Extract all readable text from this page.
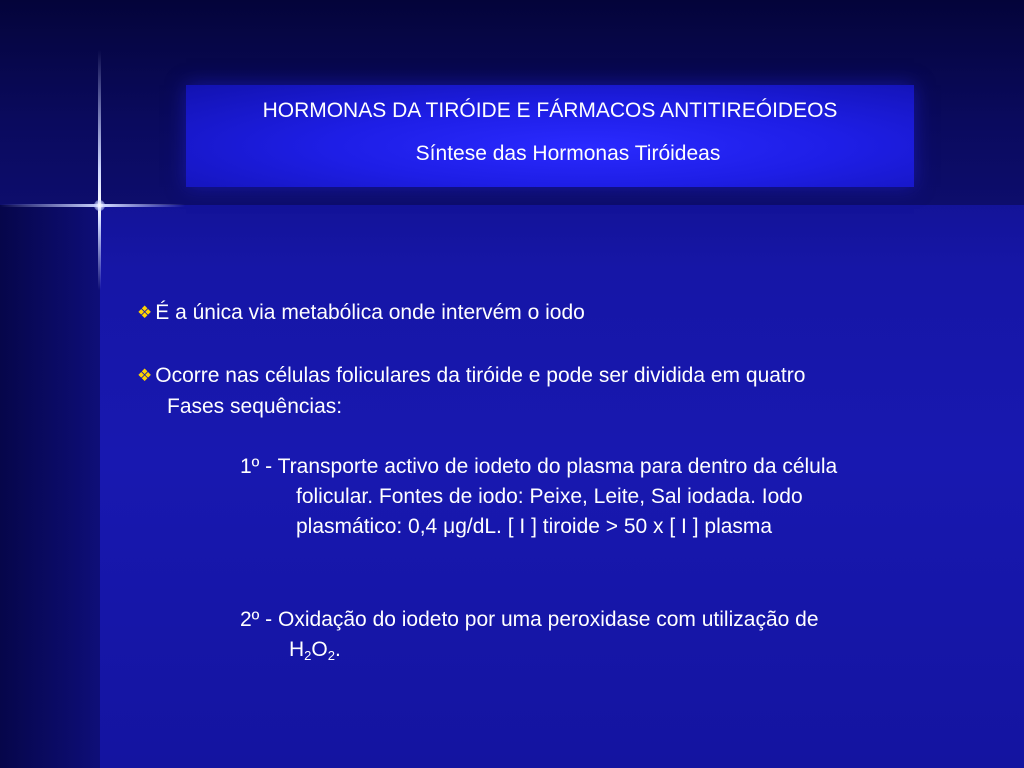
HORMONAS DA TIRÓIDE E FÁRMACOS ANTITIREÓIDEOS
Síntese das Hormonas Tiróideas
❖ É a única via metabólica onde intervém o iodo
❖ Ocorre nas células foliculares da tiróide e pode ser dividida em quatro
Fases sequências:
1º - Transporte activo de iodeto do plasma para dentro da célula
folicular. Fontes de iodo: Peixe, Leite, Sal iodada. Iodo
plasmático: 0,4 μg/dL. [ I ] tiroide > 50 x [ I ] plasma
2º - Oxidação do iodeto por uma peroxidase com utilização de
$H_2O_2$.
